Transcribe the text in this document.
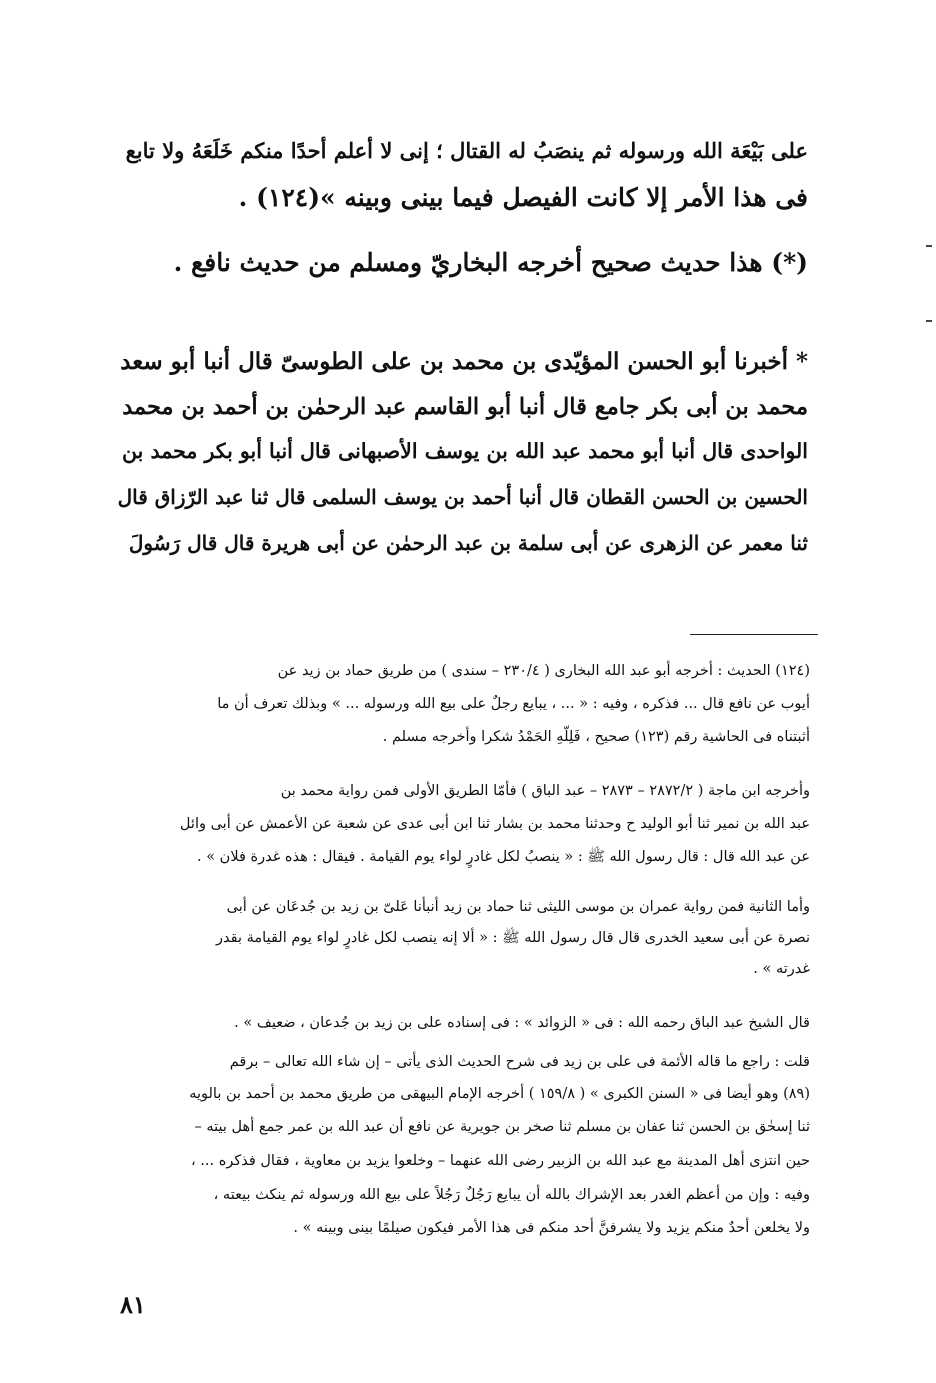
على بَيْعَة الله ورسوله ثم ينصَبُ له القتال ؛ إنى لا أعلم أحدًا منكم خَلَعَهُ ولا تابع
فى هذا الأمر إلا كانت الفيصل فيما بينى وبينه »(١٢٤) .
(*) هذا حديث صحيح أخرجه البخاريّ ومسلم من حديث نافع .
* أخبرنا أبو الحسن المؤيّدى بن محمد بن على الطوسىّ قال أنبا أبو سعد
محمد بن أبى بكر جامع قال أنبا أبو القاسم عبد الرحمٰن بن أحمد بن محمد
الواحدى قال أنبا أبو محمد عبد الله بن يوسف الأصبهانى قال أنبا أبو بكر محمد بن
الحسين بن الحسن القطان قال أنبا أحمد بن يوسف السلمى قال ثنا عبد الرّزاق قال
ثنا معمر عن الزهرى عن أبى سلمة بن عبد الرحمٰن عن أبى هريرة قال قال رَسُولَ
(١٢٤) الحديث : أخرجه أبو عبد الله البخارى ( ٢٣٠/٤ – سندى ) من طريق حماد بن زيد عن
أيوب عن نافع قال ... فذكره ، وفيه : « ... ، يبايع رجلٌ على بيع الله ورسوله ... » وبذلك تعرف أن ما
أثبتناه فى الحاشية رقم (١٢٣) صحيح ، فَلِلّهِ الحَمْدُ شكرا وأخرجه مسلم .
وأخرجه ابن ماجة ( ٢٨٧٢/٢ – ٢٨٧٣ – عبد الباق ) فأمّا الطريق الأولى فمن رواية محمد بن
عبد الله بن نمير ثنا أبو الوليد ح وحدثنا محمد بن بشار ثنا ابن أبى عدى عن شعبة عن الأعمش عن أبى وائل
عن عبد الله قال : قال رسول الله ﷺ : « ينصبُ لكل غادرٍ لواء يوم القيامة . فيقال : هذه غدرة فلان » .
وأما الثانية فمن رواية عمران بن موسى الليثى ثنا حماد بن زيد أنبأنا عَلىّ بن زيد بن جُدعَان عن أبى
نصرة عن أبى سعيد الخدرى قال قال رسول الله ﷺ : « ألا إنه ينصب لكل غادرٍ لواء يوم القيامة بقدر
غدرته » .
قال الشيخ عبد الباق رحمه الله : فى « الزوائد » : فى إسناده على بن زيد بن جُدعان ، ضعيف » .
قلت : راجع ما قاله الأئمة فى على بن زيد فى شرح الحديث الذى يأتى – إن شاء الله تعالى – برقم
(٨٩) وهو أيضا فى « السنن الكبرى » ( ١٥٩/٨ ) أخرجه الإمام البيهقى من طريق محمد بن أحمد بن بالويه
ثنا إسحٰق بن الحسن ثنا عفان بن مسلم ثنا صخر بن جويرية عن نافع أن عبد الله بن عمر جمع أهل بيته –
حين انتزى أهل المدينة مع عبد الله بن الزبير رضى الله عنهما – وخلعوا يزيد بن معاوية ، فقال فذكره ... ،
وفيه : وإن من أعظم الغدر بعد الإشراك بالله أن يبايع رَجُلٌ رَجُلاً على بيع الله ورسوله ثم ينكث بيعته ،
ولا يخلعن أحدٌ منكم يزيد ولا يشرفنَّ أحد منكم فى هذا الأمر فيكون صيلمًا بينى وبينه » .
٨١
